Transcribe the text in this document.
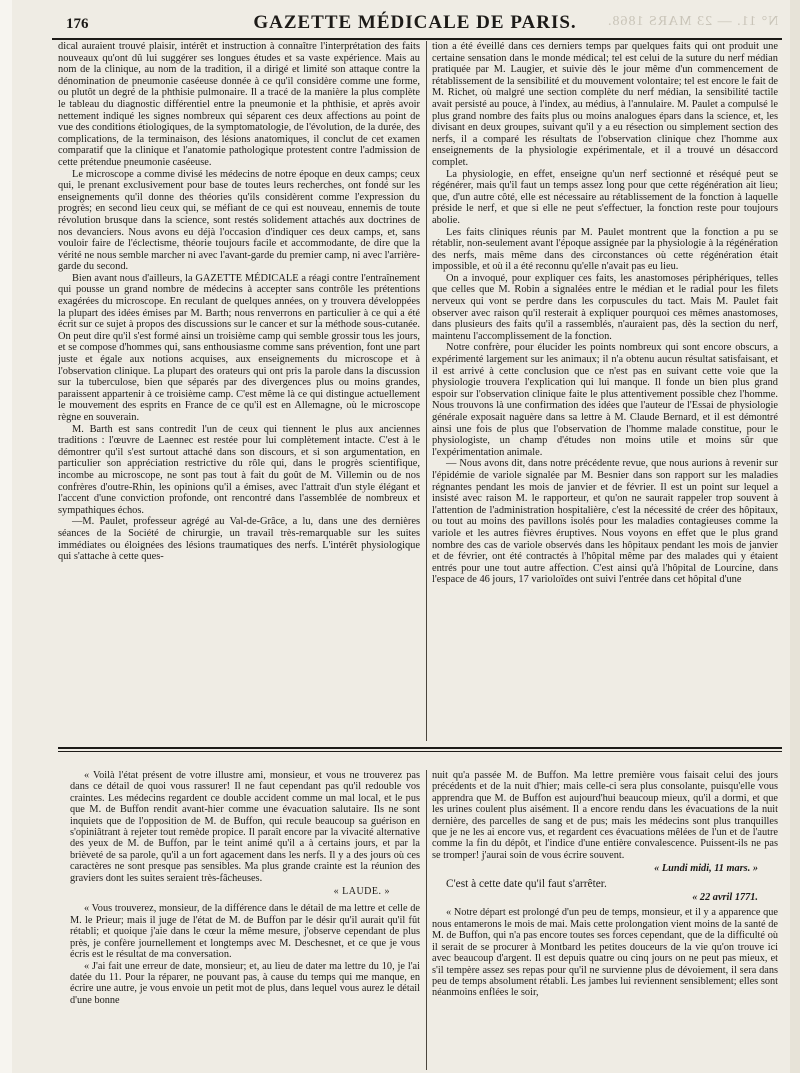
176	GAZETTE MÉDICALE DE PARIS.	N° 11. — 23 MARS 1868.

dical auraient trouvé plaisir, intérêt et instruction à connaître l'interprétation des faits nouveaux qu'ont dû lui suggérer ses longues études et sa vaste expérience. Mais au nom de la clinique, au nom de la tradition, il a dirigé et limité son attaque contre la dénomination de pneumonie caséeuse donnée à ce qu'il considère comme une forme, ou plutôt un degré de la phthisie pulmonaire. Il a tracé de la manière la plus complète le tableau du diagnostic différentiel entre la pneumonie et la phthisie, et après avoir nettement indiqué les signes nombreux qui séparent ces deux affections au point de vue des conditions étiologiques, de la symptomatologie, de l'évolution, de la durée, des complications, de la terminaison, des lésions anatomiques, il conclut de cet examen comparatif que la clinique et l'anatomie pathologique protestent contre l'admission de cette prétendue pneumonie caséeuse.

Le microscope a comme divisé les médecins de notre époque en deux camps; ceux qui, le prenant exclusivement pour base de toutes leurs recherches, ont fondé sur les enseignements qu'il donne des théories qu'ils considèrent comme l'expression du progrès; en second lieu ceux qui, se méfiant de ce qui est nouveau, ennemis de toute révolution brusque dans la science, sont restés solidement attachés aux doctrines de nos devanciers. Nous avons eu déjà l'occasion d'indiquer ces deux camps, et, sans vouloir faire de l'éclectisme, théorie toujours facile et accommodante, de dire que la vérité ne nous semble marcher ni avec l'avant-garde du premier camp, ni avec l'arrière-garde du second.

Bien avant nous d'ailleurs, la GAZETTE MÉDICALE a réagi contre l'entraînement qui pousse un grand nombre de médecins à accepter sans contrôle les prétentions exagérées du microscope. En reculant de quelques années, on y trouvera développées la plupart des idées émises par M. Barth; nous renverrons en particulier à ce qui a été écrit sur ce sujet à propos des discussions sur le cancer et sur la méthode sous-cutanée. On peut dire qu'il s'est formé ainsi un troisième camp qui semble grossir tous les jours, et se compose d'hommes qui, sans enthousiasme comme sans prévention, font une part juste et égale aux notions acquises, aux enseignements du microscope et à l'observation clinique. La plupart des orateurs qui ont pris la parole dans la discussion sur la tuberculose, bien que séparés par des divergences plus ou moins grandes, paraissent appartenir à ce troisième camp. C'est même là ce qui distingue actuellement le mouvement des esprits en France de ce qu'il est en Allemagne, où le microscope règne en souverain.

M. Barth est sans contredit l'un de ceux qui tiennent le plus aux anciennes traditions : l'œuvre de Laennec est restée pour lui complètement intacte. C'est à le démontrer qu'il s'est surtout attaché dans son discours, et si son argumentation, en particulier son appréciation restrictive du rôle qui, dans le progrès scientifique, incombe au microscope, ne sont pas tout à fait du goût de M. Villemin ou de nos confrères d'outre-Rhin, les opinions qu'il a émises, avec l'attrait d'un style élégant et l'accent d'une conviction profonde, ont rencontré dans l'assemblée de nombreux et sympathiques échos.

—M. Paulet, professeur agrégé au Val-de-Grâce, a lu, dans une des dernières séances de la Société de chirurgie, un travail très-remarquable sur les suites immédiates ou éloignées des lésions traumatiques des nerfs. L'intérêt physiologique qui s'attache à cette ques-

tion a été éveillé dans ces derniers temps par quelques faits qui ont produit une certaine sensation dans le monde médical; tel est celui de la suture du nerf médian pratiquée par M. Laugier, et suivie dès le jour même d'un commencement de rétablissement de la sensibilité et du mouvement volontaire; tel est encore le fait de M. Richet, où malgré une section complète du nerf médian, la sensibilité tactile avait persisté au pouce, à l'index, au médius, à l'annulaire. M. Paulet a compulsé le plus grand nombre des faits plus ou moins analogues épars dans la science, et, les divisant en deux groupes, suivant qu'il y a eu résection ou simplement section des nerfs, il a comparé les résultats de l'observation clinique chez l'homme aux enseignements de la physiologie expérimentale, et il a trouvé un désaccord complet.

La physiologie, en effet, enseigne qu'un nerf sectionné et réséqué peut se régénérer, mais qu'il faut un temps assez long pour que cette régénération ait lieu; que, d'un autre côté, elle est nécessaire au rétablissement de la fonction à laquelle préside le nerf, et que si elle ne peut s'effectuer, la fonction reste pour toujours abolie.

Les faits cliniques réunis par M. Paulet montrent que la fonction a pu se rétablir, non-seulement avant l'époque assignée par la physiologie à la régénération des nerfs, mais même dans des circonstances où cette régénération était impossible, et où il a été reconnu qu'elle n'avait pas eu lieu.

On a invoqué, pour expliquer ces faits, les anastomoses périphériques, telles que celles que M. Robin a signalées entre le médian et le radial pour les filets nerveux qui vont se perdre dans les corpuscules du tact. Mais M. Paulet fait observer avec raison qu'il resterait à expliquer pourquoi ces mêmes anastomoses, dans plusieurs des faits qu'il a rassemblés, n'auraient pas, dès la section du nerf, maintenu l'accomplissement de la fonction.

Notre confrère, pour élucider les points nombreux qui sont encore obscurs, a expérimenté largement sur les animaux; il n'a obtenu aucun résultat satisfaisant, et il est arrivé à cette conclusion que ce n'est pas en suivant cette voie que la physiologie trouvera l'explication qui lui manque. Il fonde un bien plus grand espoir sur l'observation clinique faite le plus attentivement possible chez l'homme. Nous trouvons là une confirmation des idées que l'auteur de l'Essai de physiologie générale exposait naguère dans sa lettre à M. Claude Bernard, et il est démontré ainsi une fois de plus que l'observation de l'homme malade constitue, pour le physiologiste, un champ d'études non moins utile et moins sûr que l'expérimentation animale.

— Nous avons dit, dans notre précédente revue, que nous aurions à revenir sur l'épidémie de variole signalée par M. Besnier dans son rapport sur les maladies régnantes pendant les mois de janvier et de février. Il est un point sur lequel a insisté avec raison M. le rapporteur, et qu'on ne saurait rappeler trop souvent à l'attention de l'administration hospitalière, c'est la nécessité de créer des hôpitaux, ou tout au moins des pavillons isolés pour les maladies contagieuses comme la variole et les autres fièvres éruptives. Nous voyons en effet que le plus grand nombre des cas de variole observés dans les hôpitaux pendant les mois de janvier et de février, ont été contractés à l'hôpital même par des malades qui y étaient entrés pour une tout autre affection. C'est ainsi qu'à l'hôpital de Lourcine, dans l'espace de 46 jours, 17 varioloïdes ont suivi l'entrée dans cet hôpital d'une

« Voilà l'état présent de votre illustre ami, monsieur, et vous ne trouverez pas dans ce détail de quoi vous rassurer! Il ne faut cependant pas qu'il redouble vos craintes. Les médecins regardent ce double accident comme un mal local, et le pus que M. de Buffon rendit avant-hier comme une évacuation salutaire. Ils ne sont inquiets que de l'opposition de M. de Buffon, qui recule beaucoup sa guérison en s'opiniâtrant à rejeter tout remède propice. Il paraît encore par la vivacité alternative des yeux de M. de Buffon, par le teint animé qu'il a à certains jours, et par la brièveté de sa parole, qu'il a un fort agacement dans les nerfs. Il y a des jours où ces caractères ne sont presque pas sensibles. Ma plus grande crainte est la réunion des graviers dont les suites seraient très-fâcheuses.

« LAUDE. »

« Vous trouverez, monsieur, de la différence dans le détail de ma lettre et celle de M. le Prieur; mais il juge de l'état de M. de Buffon par le désir qu'il aurait qu'il fût rétabli; et quoique j'aie dans le cœur la même mesure, j'observe cependant de plus près, je confère journellement et longtemps avec M. Deschesnet, et ce que je vous écris est le résultat de ma conversation.

« J'ai fait une erreur de date, monsieur; et, au lieu de dater ma lettre du 10, je l'ai datée du 11. Pour la réparer, ne pouvant pas, à cause du temps qui me manque, en écrire une autre, je vous envoie un petit mot de plus, dans lequel vous aurez le détail d'une bonne

nuit qu'a passée M. de Buffon. Ma lettre première vous faisait celui des jours précédents et de la nuit d'hier; mais celle-ci sera plus consolante, puisqu'elle vous apprendra que M. de Buffon est aujourd'hui beaucoup mieux, qu'il a dormi, et que les urines coulent plus aisément. Il a encore rendu dans les évacuations de la nuit dernière, des parcelles de sang et de pus; mais les médecins sont plus tranquilles que je ne les ai encore vus, et regardent ces évacuations mêlées de l'un et de l'autre comme la fin du dépôt, et l'indice d'une entière convalescence. Puissent-ils ne pas se tromper! j'aurai soin de vous écrire souvent.

« Lundi midi, 11 mars. »

C'est à cette date qu'il faut s'arrêter.

« 22 avril 1771.

« Notre départ est prolongé d'un peu de temps, monsieur, et il y a apparence que nous entamerons le mois de mai. Mais cette prolongation vient moins de la santé de M. de Buffon, qui n'a pas encore toutes ses forces cependant, que de la difficulté où il serait de se procurer à Montbard les petites douceurs de la vie qu'on trouve ici avec beaucoup d'argent. Il est depuis quatre ou cinq jours on ne peut pas mieux, et s'il tempère assez ses repas pour qu'il ne survienne plus de dévoiement, il sera dans peu de temps absolument rétabli. Les jambes lui reviennent sensiblement; elles sont néanmoins enflées le soir,
